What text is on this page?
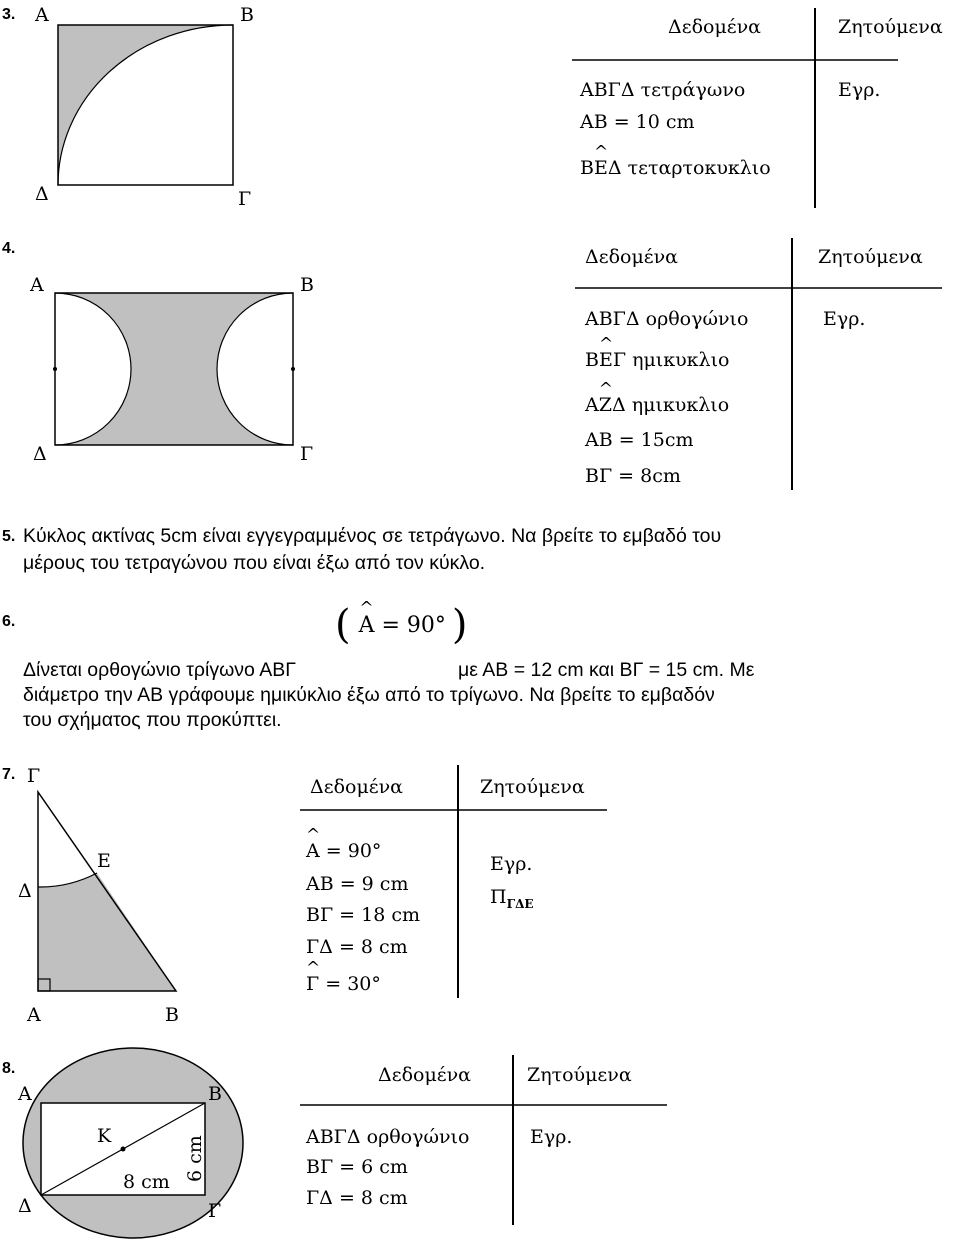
3. Α	Β
Δ	Γ
Δεδομένα	Ζητούμενα
ΑΒΓΔ τετράγωνο
ΑΒ = 10 cm
Β^ ΕΔ τεταρτοκυκλιο
Εγρ.
4.
Α	Β
Δ	Γ
Δεδομένα	Ζητούμενα
ΑΒΓΔ ορθογώνιο
Β^ ΕΓ ημικυκλιο
Α^ ΖΔ ημικυκλιο
ΑΒ = 15cm
ΒΓ = 8cm
Εγρ.
5. Κύκλος ακτίνας 5cm είναι εγγεγραμμένος σε τετράγωνο. Να βρείτε το εμβαδό του
μέρους του τετραγώνου που είναι έξω από τον κύκλο.
6.	(^ Α = 90° )
Δίνεται ορθογώνιο τρίγωνο ΑΒΓ	με ΑΒ = 12 cm και ΒΓ = 15 cm. Με
διάμετρο την ΑΒ γράφουμε ημικύκλιο έξω από το τρίγωνο. Να βρείτε το εμβαδόν
του σχήματος που προκύπτει.
7. Γ
Ε
Δ
Α	Β
Δεδομένα	Ζητούμενα
^ Α = 90°
ΑΒ = 9 cm
ΒΓ = 18 cm
ΓΔ = 8 cm
^ Γ = 30°
Εγρ.
$\Pi_{\Gamma\Delta E}$
8.
Α	Β
Δ	Γ
Κ
8 cm 6 cm
Δεδομένα	Ζητούμενα
ΑΒΓΔ ορθογώνιο
ΒΓ = 6 cm
ΓΔ = 8 cm
Εγρ.
